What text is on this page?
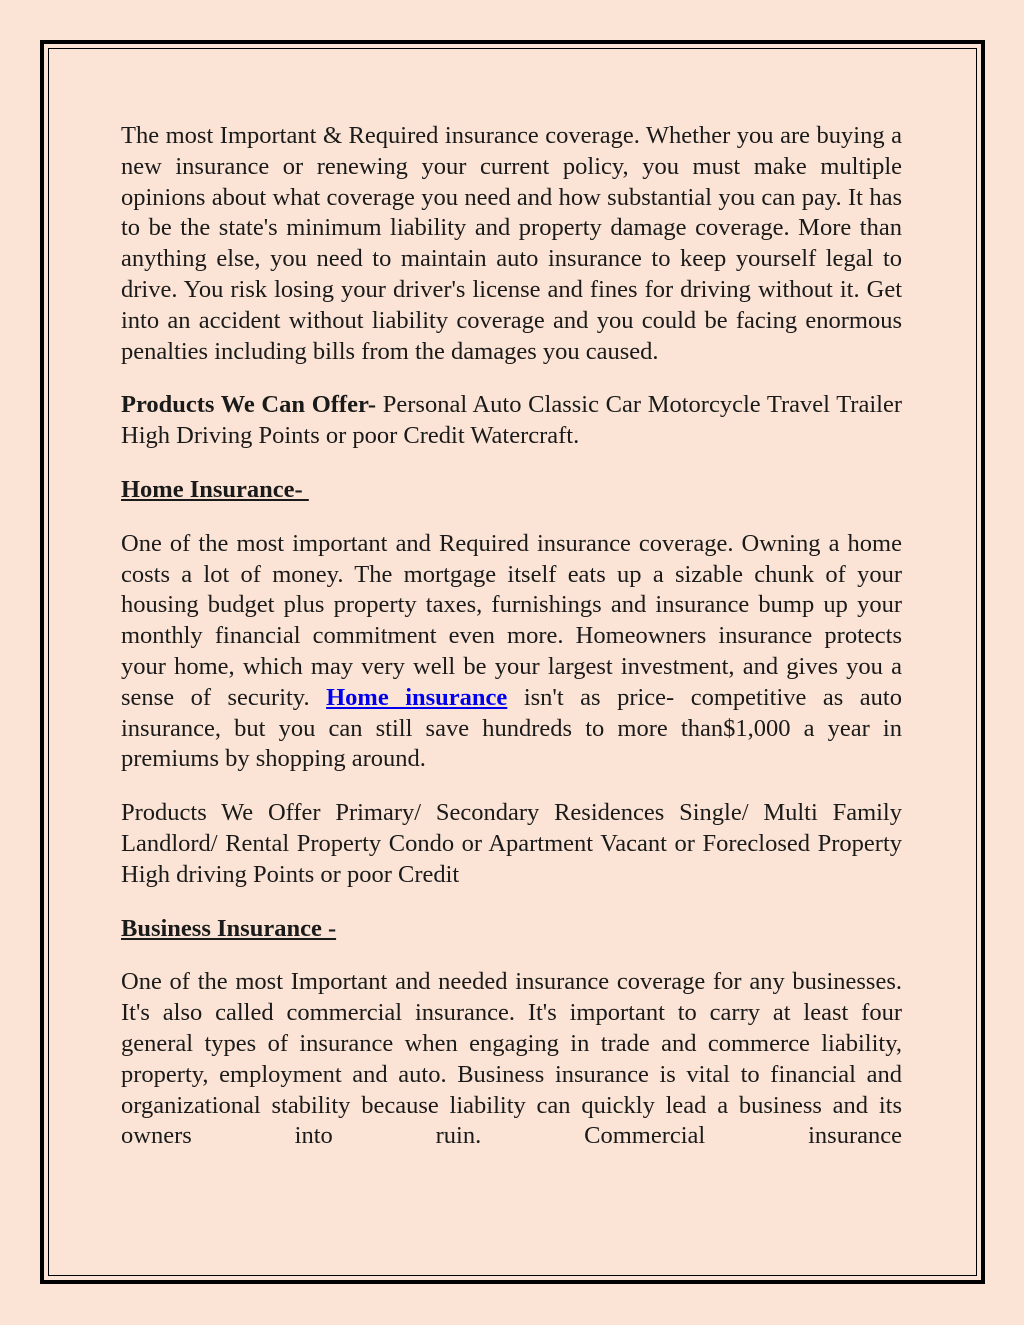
The most Important & Required insurance coverage. Whether you are buying a new insurance or renewing your current policy, you must make multiple opinions about what coverage you need and how substantial you can pay. It has to be the state's minimum liability and property damage coverage. More than anything else, you need to maintain auto insurance to keep yourself legal to drive. You risk losing your driver's license and fines for driving without it. Get into an accident without liability coverage and you could be facing enormous penalties including bills from the damages you caused.

Products We Can Offer- Personal Auto Classic Car Motorcycle Travel Trailer High Driving Points or poor Credit Watercraft.

Home Insurance-

One of the most important and Required insurance coverage. Owning a home costs a lot of money. The mortgage itself eats up a sizable chunk of your housing budget plus property taxes, furnishings and insurance bump up your monthly financial commitment even more. Homeowners insurance protects your home, which may very well be your largest investment, and gives you a sense of security. Home insurance isn't as price- competitive as auto insurance, but you can still save hundreds to more than$1,000 a year in premiums by shopping around.

Products We Offer Primary/ Secondary Residences Single/ Multi Family Landlord/ Rental Property Condo or Apartment Vacant or Foreclosed Property High driving Points or poor Credit

Business Insurance -

One of the most Important and needed insurance coverage for any businesses. It's also called commercial insurance. It's important to carry at least four general types of insurance when engaging in trade and commerce liability, property, employment and auto. Business insurance is vital to financial and organizational stability because liability can quickly lead a business and its owners into ruin. Commercial insurance
